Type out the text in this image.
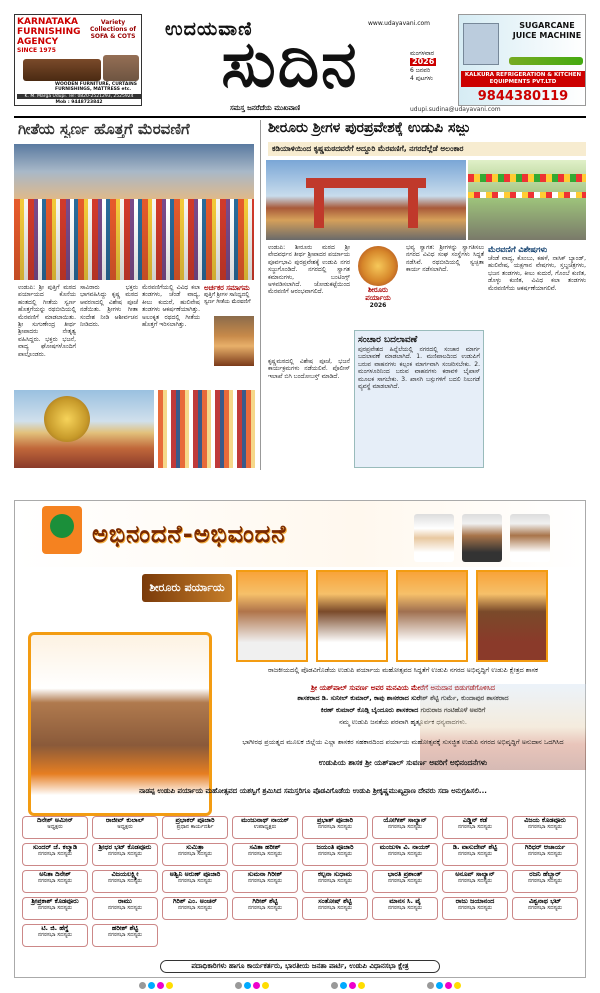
KARNATAKA FURNISHING AGENCY
SINCE 1975
Variety Collections of SOFA & COTS
WOODEN FURNITURE, CURTAINS FURNISHINGS, MATTRESS etc.
K. M. Marga Udupi. Tel: 0820-2521293, 2525924
Mob : 9448723842
ಉದಯವಾಣಿ
ಸುದಿನ
www.udayavani.com
ಮಂಗಳವಾರ
2026
6 ಜನವರಿ
4 ಪುಟಗಳು
ಸಮಸ್ತ ಜನರೆದೆಯ ಮುಖವಾಣಿ	udupi.sudina@udayavani.com
SUGARCANE JUICE MACHINE
KALKURA REFRIGERATION & KITCHEN EQUIPMENTS PVT.LTD
9844380119
ಗೀತೆಯ ಸ್ವರ್ಣ ಹೊತ್ತಗೆ ಮೆರವಣಿಗೆ
ಉಡುಪಿ: ಶ್ರೀ ಪುತ್ತಿಗೆ ಮಠದ ಪರ್ಯಾಯದ ಕೊನೆಯ ಹಂತದಲ್ಲಿ ಗೀತೆಯ ಸ್ವರ್ಣ ಹೊತ್ತಗೆಯನ್ನು ರಥಬೀದಿಯಲ್ಲಿ ಮೆರವಣಿಗೆ ಮಾಡಲಾಯಿತು. ಶ್ರೀ ಸುಗುಣೇಂದ್ರ ತೀರ್ಥ ಶ್ರೀಪಾದರು ನೇತೃತ್ವ ವಹಿಸಿದ್ದರು. ಭಕ್ತರು ಭಜನೆ, ವಾದ್ಯ ಘೋಷಗಳೊಂದಿಗೆ ಪಾಲ್ಗೊಂಡರು.
ಸಾವಿರಾರು ಭಕ್ತರು ಭಾಗವಹಿಸಿದ್ದು ಕೃಷ್ಣ ಮಠದ ಆವರಣದಲ್ಲಿ ವಿಶೇಷ ಪೂಜೆ ನಡೆಯಿತು. ಶ್ರೀಗಳು ಗೀತಾ ಸಂದೇಶ ನೀಡಿ ಆಶೀರ್ವಚನ ನೀಡಿದರು.
ಮೆರವಣಿಗೆಯಲ್ಲಿ ವಿವಿಧ ಕಲಾ ತಂಡಗಳು, ಚೆಂಡೆ ವಾದ್ಯ, ಕೀಲು ಕುದುರೆ, ಹುಲಿವೇಷ ತಂಡಗಳು ಆಕರ್ಷಣೆಯಾಗಿತ್ತು. ಅಲಂಕೃತ ರಥದಲ್ಲಿ ಗೀತೆಯ ಹೊತ್ತಗೆ ಇರಿಸಲಾಗಿತ್ತು.
ಅರ್ಚಕರ ಸಮಾಗಮ
ಪುತ್ತಿಗೆ ಶ್ರೀಗಳ ಸಾನಿಧ್ಯದಲ್ಲಿ ಸ್ವರ್ಣ ಗೀತೆಯ ಮೆರವಣಿಗೆ
ಶೀರೂರು ಶ್ರೀಗಳ ಪುರಪ್ರವೇಶಕ್ಕೆ ಉಡುಪಿ ಸಜ್ಜು
ಕಡಿಯಾಳಿಯಿಂದ ಕೃಷ್ಣಮಠದವರೆಗೆ ಅದ್ದೂರಿ ಮೆರವಣಿಗೆ, ನಗರದೆಲ್ಲೆಡೆ ಅಲಂಕಾರ
ಉಡುಪಿ: ಶೀರೂರು ಮಠದ ಶ್ರೀ ವೇದವರ್ಧನ ತೀರ್ಥ ಶ್ರೀಪಾದರ ಪರ್ಯಾಯ ಪೂರ್ವಭಾವಿ ಪುರಪ್ರವೇಶಕ್ಕೆ ಉಡುಪಿ ನಗರ ಸಜ್ಜುಗೊಂಡಿದೆ. ನಗರದಲ್ಲಿ ಸ್ವಾಗತ ಕಮಾನುಗಳು, ಬಂಟಿಂಗ್ಸ್ ಅಳವಡಿಸಲಾಗಿದೆ. ಜೋಡುಕಟ್ಟೆಯಿಂದ ಮೆರವಣಿಗೆ ಆರಂಭವಾಗಲಿದೆ.	ಶೀರೂರು
ಪರ್ಯಾಯ
2026
ಭವ್ಯ ಸ್ವಾಗತ: ಶ್ರೀಗಳನ್ನು ಸ್ವಾಗತಿಸಲು ನಗರದ ವಿವಿಧ ಸಂಘ ಸಂಸ್ಥೆಗಳು ಸಿದ್ಧತೆ ನಡೆಸಿವೆ. ರಥಬೀದಿಯಲ್ಲಿ ಸ್ವಚ್ಛತಾ ಕಾರ್ಯ ನಡೆಸಲಾಗಿದೆ.
ಕೃಷ್ಣಮಠದಲ್ಲಿ ವಿಶೇಷ ಪೂಜೆ, ಭಜನೆ ಕಾರ್ಯಕ್ರಮಗಳು ನಡೆಯಲಿವೆ. ಪೊಲೀಸ್ ಇಲಾಖೆ ಬಿಗಿ ಬಂದೋಬಸ್ತ್ ಮಾಡಿದೆ.
ಸಂಚಾರ ಬದಲಾವಣೆ
ಪುರಪ್ರವೇಶದ ಹಿನ್ನೆಲೆಯಲ್ಲಿ ನಗರದಲ್ಲಿ ಸಂಚಾರ ಮಾರ್ಗ ಬದಲಾವಣೆ ಮಾಡಲಾಗಿದೆ. 1. ಮಣಿಪಾಲದಿಂದ ಉಡುಪಿಗೆ ಬರುವ ವಾಹನಗಳು ಕಲ್ಸಂಕ ಮಾರ್ಗವಾಗಿ ಸಂಚರಿಸಬೇಕು. 2. ಮಂಗಳೂರಿನಿಂದ ಬರುವ ವಾಹನಗಳು ಕರಾವಳಿ ಬೈಪಾಸ್ ಮೂಲಕ ಸಾಗಬೇಕು. 3. ಖಾಸಗಿ ಬಸ್ಸುಗಳಿಗೆ ಬದಲಿ ನಿಲುಗಡೆ ವ್ಯವಸ್ಥೆ ಮಾಡಲಾಗಿದೆ.
ಮೆರವಣಿಗೆ ವಿಶೇಷಗಳು
ಚೆಂಡೆ ವಾದ್ಯ, ಕೊಂಬು, ಕಹಳೆ, ನಾಸಿಕ್ ಬ್ಯಾಂಡ್, ಹುಲಿವೇಷ, ಯಕ್ಷಗಾನ ವೇಷಗಳು, ಸ್ತಬ್ಧಚಿತ್ರಗಳು, ಭಜನ ತಂಡಗಳು, ಕೀಲು ಕುದುರೆ, ಗೊಂಬೆ ಕುಣಿತ, ಡೊಳ್ಳು ಕುಣಿತ, ವಿವಿಧ ಕಲಾ ತಂಡಗಳು ಮೆರವಣಿಗೆಯ ಆಕರ್ಷಣೆಯಾಗಲಿವೆ.
ಅಭಿನಂದನೆ-ಅಭಿವಂದನೆ
ಶೀರೂರು ಪರ್ಯಾಯ
ರಾಜಕೀಯದಲ್ಲಿ ಪೊಡವಿಗೊಡೆಯ ಉಡುಪಿ ಪರ್ಯಾಯ ಮಹೋತ್ಸವದ ಸಿದ್ಧತೆಗೆ ಉಡುಪಿ ನಗರದ ಅಭಿವೃದ್ಧಿಗೆ ಉಡುಪಿ ಕ್ಷೇತ್ರದ ಶಾಸಕ
ಶ್ರೀ ಯಶ್‌ಪಾಲ್ ಸುವರ್ಣ ಅವರ ಮನವಿಯ ಮೇರೆಗೆ ಅನುದಾನ ಬಿಡುಗಡೆಗೊಳಿಸಿದ
ಶಾಸಕರಾದ ಡಿ. ಸುನೀಲ್ ಕುಮಾರ್, ಕಾಪು ಶಾಸಕರಾದ ಸುರೇಶ್ ಶೆಟ್ಟಿ ಗುರ್ಮೆ, ಕುಂದಾಪುರ ಶಾಸಕರಾದ
ಕಿರಣ್ ಕುಮಾರ್ ಕೊಡ್ಗಿ ಬೈಂದೂರು ಶಾಸಕರಾದ ಗುರುರಾಜ ಗಂಟಿಹೊಳೆ ಅವರಿಗೆ
ನಮ್ಮ ಉಡುಪಿ ಜನತೆಯ ಪರವಾಗಿ ಹೃತ್ಪೂರ್ವಕ ಧನ್ಯವಾದಗಳು.
ಭಾಗೀರಥ ಪ್ರಯತ್ನದ ಮೂಲಕ ಜಿಲ್ಲೆಯ ಎಲ್ಲಾ ಶಾಸಕರ ಸಹಕಾರದಿಂದ ಪರ್ಯಾಯ ಮಹೋತ್ಸವಕ್ಕೆ ಸುಸಜ್ಜಿತ ಉಡುಪಿ ನಗರದ ಅಭಿವೃದ್ಧಿಗೆ ಅನುದಾನ ಒದಗಿಸಿದ
ಉಡುಪಿಯ ಶಾಸಕ ಶ್ರೀ ಯಶ್‌ಪಾಲ್ ಸುವರ್ಣ ಅವರಿಗೆ ಅಭಿನಂದನೆಗಳು
ನಾಡಪ್ಪ ಉಡುಪಿ ಪರ್ಯಾಯ ಮಹೋತ್ಸವದ ಯಶಸ್ವಿಗೆ ಶ್ರಮಿಸಿದ ಸಮಸ್ತರಿಗೂ ಪೊಡವಿಗೊಡೆಯ ಉಡುಪಿ ಶ್ರೀಕೃಷ್ಣಮುಖ್ಯಪ್ರಾಣ ದೇವರು ಸದಾ ಅನುಗ್ರಹಿಸಲಿ...
ದಿನೇಶ್ ಅಮೀನ್
ಅಧ್ಯಕ್ಷರು
ರಾಜೀವ್ ಕುಲಾಲ್
ಅಧ್ಯಕ್ಷರು
ಪ್ರಭಾಕರ್ ಪೂಜಾರಿ
ಪ್ರಧಾನ ಕಾರ್ಯದರ್ಶಿ
ಮಂಜುನಾಥ್ ನಾಯಕ್
ಉಪಾಧ್ಯಕ್ಷರು
ಪ್ರಭಾತ್ ಪೂಜಾರಿ
ನಗರಸಭಾ ಸದಸ್ಯರು
ಯೋಗೀಶ್ ಸಾಲ್ಯಾನ್
ನಗರಸಭಾ ಸದಸ್ಯರು
ಎಡ್ಡಿನ್ ಕಡೆ
ನಗರಸಭಾ ಸದಸ್ಯರು
ವಿಜಯ ಕೊಡವೂರು
ನಗರಸಭಾ ಸದಸ್ಯರು
ಸುಂದರ್ ಜೆ. ಕಲ್ಮಾಡಿ
ನಗರಸಭಾ ಸದಸ್ಯರು
ಶ್ರೀಧರ ಭಟ್ ಕೊಡವೂರು
ನಗರಸಭಾ ಸದಸ್ಯರು
ಸುಮಿತ್ರಾ
ನಗರಸಭಾ ಸದಸ್ಯರು
ಸವಿತಾ ಹರೀಶ್
ನಗರಸಭಾ ಸದಸ್ಯರು
ಜಯಂತಿ ಪೂಜಾರಿ
ನಗರಸಭಾ ಸದಸ್ಯರು
ಮಂಜುಳಾ ವಿ. ನಾಯಕ್
ನಗರಸಭಾ ಸದಸ್ಯರು
ಡಿ. ವಾಸುದೇವ್ ಶೆಟ್ಟಿ
ನಗರಸಭಾ ಸದಸ್ಯರು
ಗಿರಿಧರ್ ಆಚಾರ್ಯ
ನಗರಸಭಾ ಸದಸ್ಯರು
ಅನಿತಾ ದಿನೇಶ್
ನಗರಸಭಾ ಸದಸ್ಯರು
ವಿಜಯಲಕ್ಷ್ಮೀ
ನಗರಸಭಾ ಸದಸ್ಯರು
ಅಶ್ವಿನಿ ಅರುಣ್ ಪೂಜಾರಿ
ನಗರಸಭಾ ಸದಸ್ಯರು
ಸುಮನಾ ಗಿರೀಶ್
ನಗರಸಭಾ ಸದಸ್ಯರು
ಕಲ್ಪನಾ ಸುಧಾಮ
ನಗರಸಭಾ ಸದಸ್ಯರು
ಭಾರತಿ ಪ್ರಶಾಂತ್
ನಗರಸಭಾ ಸದಸ್ಯರು
ಅನೂಪ್ ಸಾಲ್ಯಾನ್
ನಗರಸಭಾ ಸದಸ್ಯರು
ರಜನಿ ಹೆಬ್ಬಾರ್
ನಗರಸಭಾ ಸದಸ್ಯರು
ಶ್ರೀಪ್ರಕಾಶ್ ಕೊಡವೂರು
ನಗರಸಭಾ ಸದಸ್ಯರು
ರಾಮು
ನಗರಸಭಾ ಸದಸ್ಯರು
ಗಿರಿಶ್ ಎಂ. ಅಂಚನ್
ನಗರಸಭಾ ಸದಸ್ಯರು
ಗಿರೀಶ್ ಶೆಟ್ಟಿ
ನಗರಸಭಾ ಸದಸ್ಯರು
ಸಂತೋಷ್ ಶೆಟ್ಟಿ
ನಗರಸಭಾ ಸದಸ್ಯರು
ಮಾನಸ ಸಿ. ಪೈ
ನಗರಸಭಾ ಸದಸ್ಯರು
ರಾಜು ಜಯಾನಂದ
ನಗರಸಭಾ ಸದಸ್ಯರು
ವಿಶ್ವನಾಥ ಭಟ್
ನಗರಸಭಾ ಸದಸ್ಯರು
ಟಿ. ಜಿ. ಹೆಗ್ಡೆ
ನಗರಸಭಾ ಸದಸ್ಯರು
ಹರೀಶ್ ಶೆಟ್ಟಿ
ನಗರಸಭಾ ಸದಸ್ಯರು
ಪದಾಧಿಕಾರಿಗಳು ಹಾಗೂ ಕಾರ್ಯಕರ್ತರು, ಭಾರತೀಯ ಜನತಾ ಪಾರ್ಟಿ, ಉಡುಪಿ ವಿಧಾನಸಭಾ ಕ್ಷೇತ್ರ
